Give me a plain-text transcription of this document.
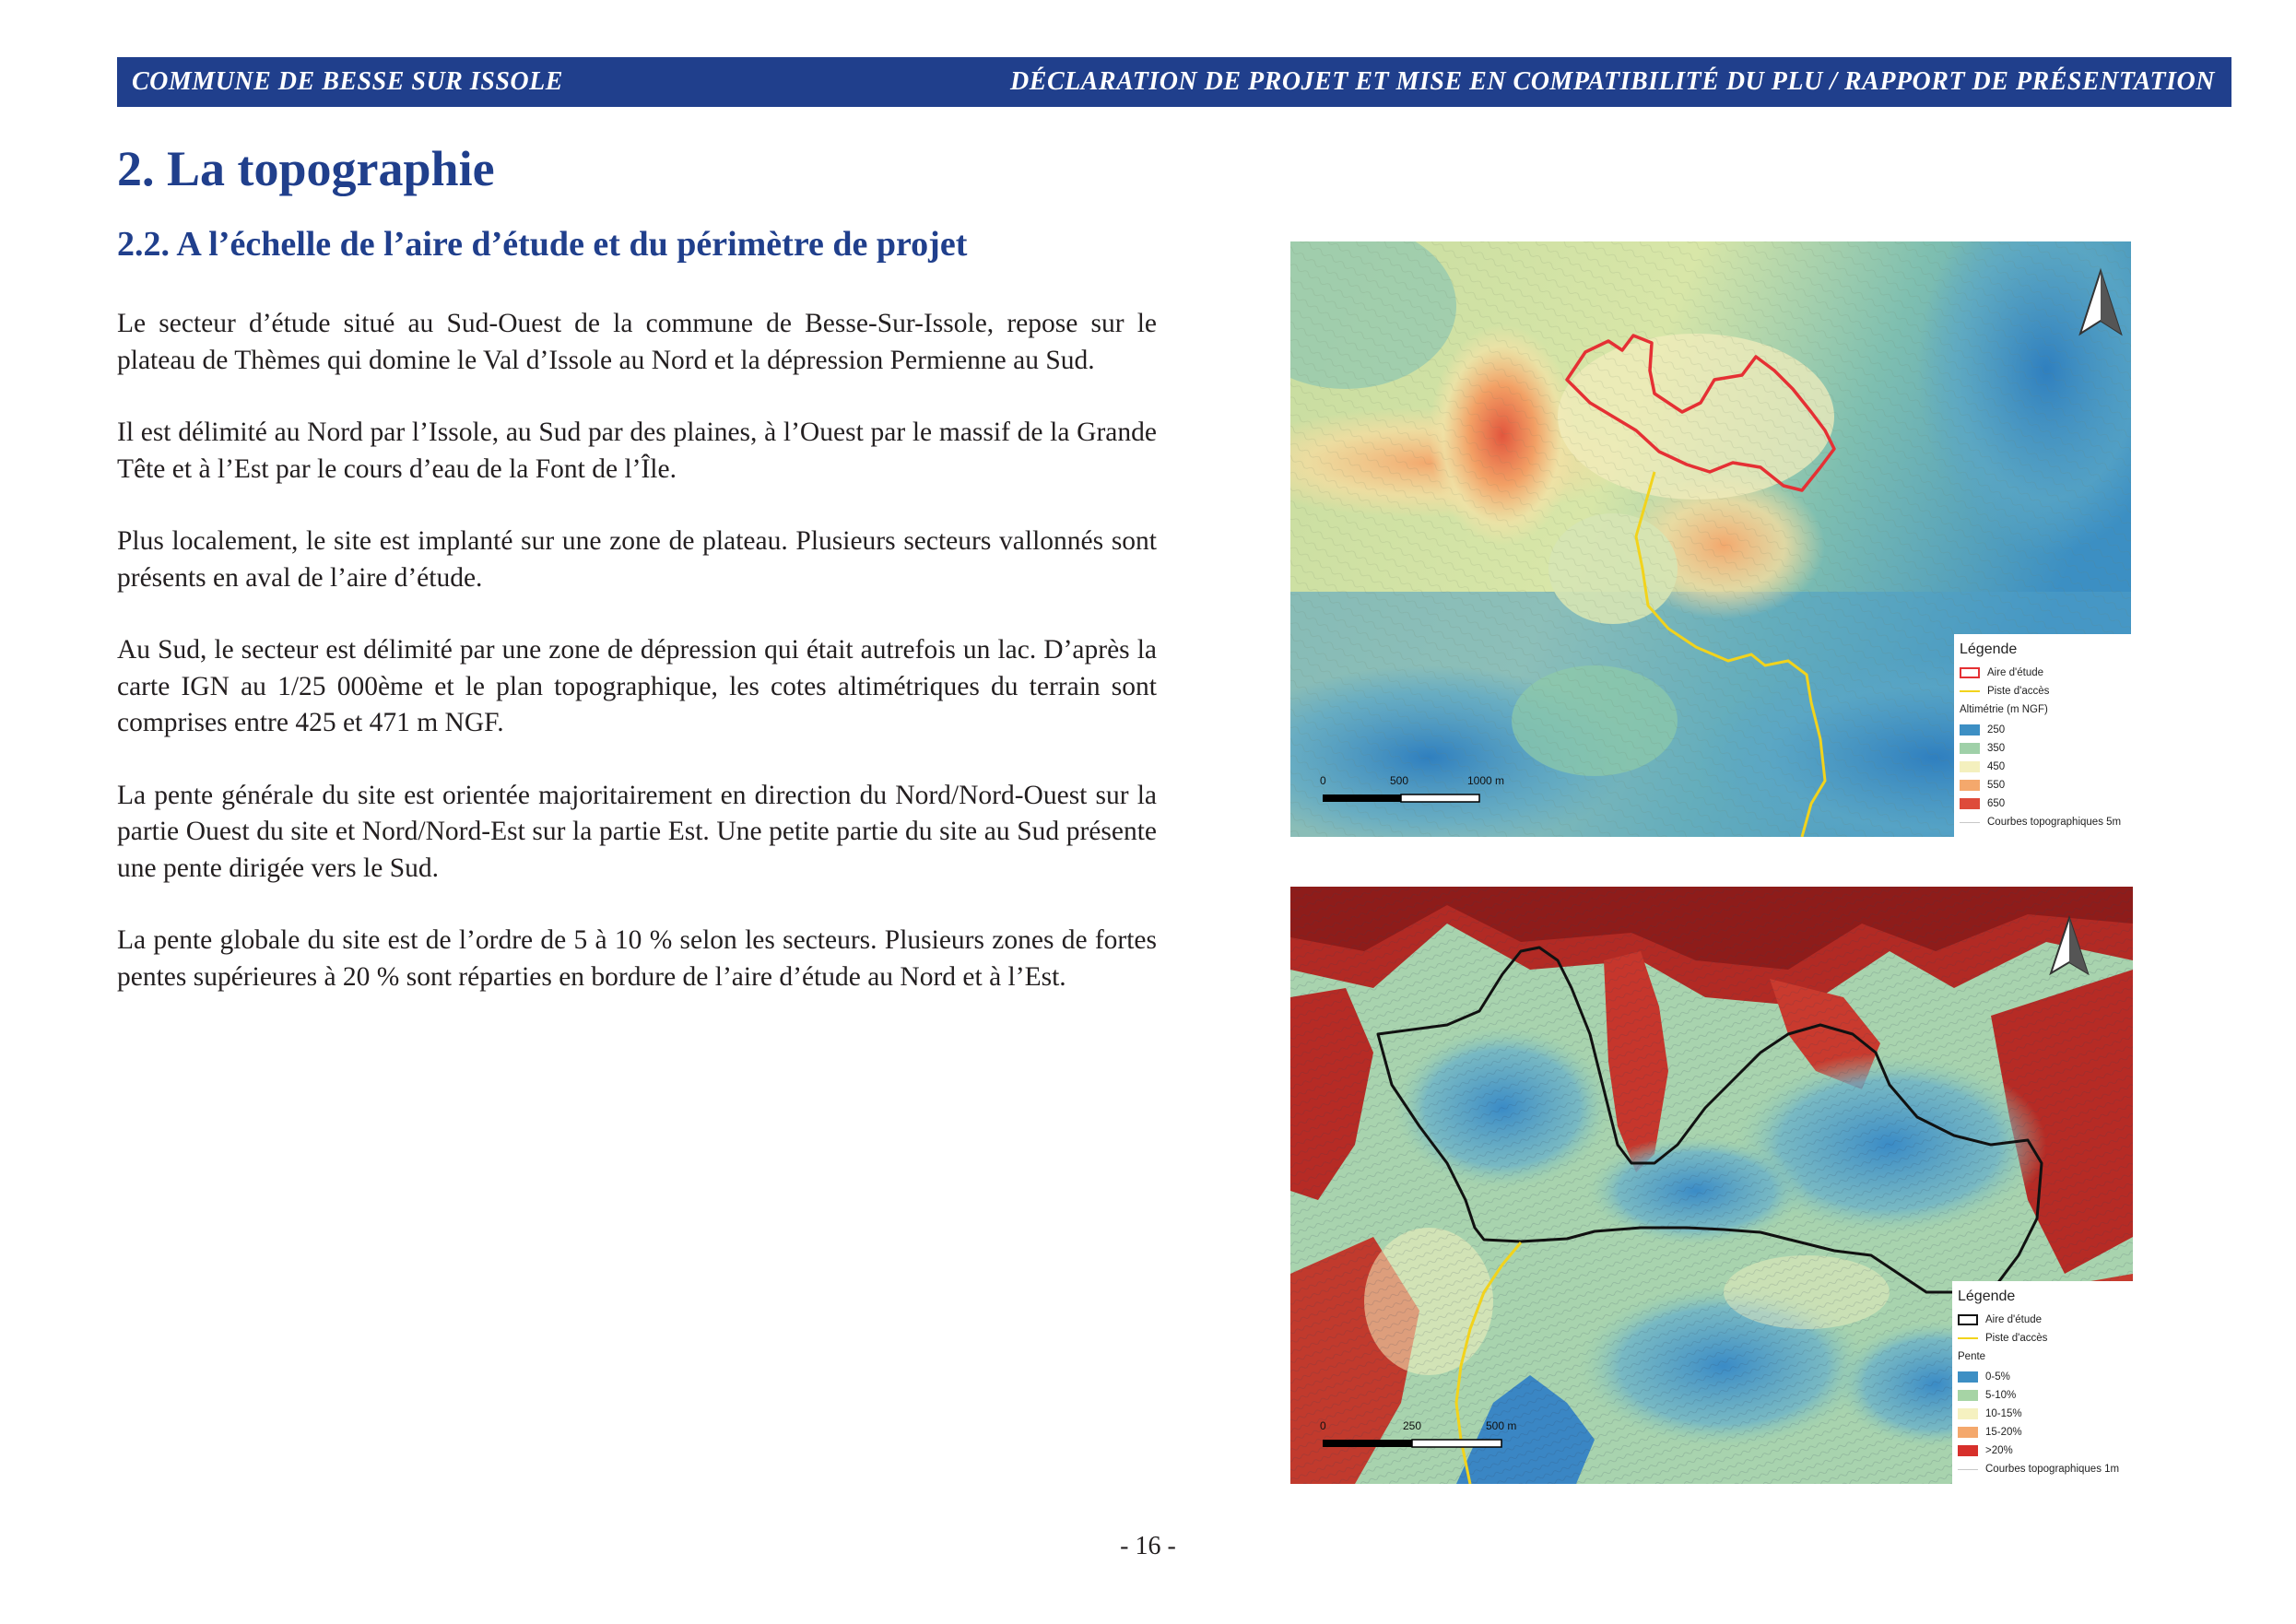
COMMUNE DE BESSE SUR ISSOLE	DÉCLARATION DE PROJET ET MISE EN COMPATIBILITÉ DU PLU / RAPPORT DE PRÉSENTATION
2. La topographie
2.2. A l’échelle de l’aire d’étude et du périmètre de projet

Le secteur d’étude situé au Sud-Ouest de la commune de Besse-Sur-Issole, repose sur le plateau de Thèmes qui domine le Val d’Issole au Nord et la dépression Permienne au Sud.

Il est délimité au Nord par l’Issole, au Sud par des plaines, à l’Ouest par le massif de la Grande Tête et à l’Est par le cours d’eau de la Font de l’Île.

Plus localement, le site est implanté sur une zone de plateau. Plusieurs secteurs vallonnés sont présents en aval de l’aire d’étude.

Au Sud, le secteur est délimité par une zone de dépression qui était autrefois un lac. D’après la carte IGN au 1/25 000ème et le plan topographique, les cotes altimétriques du terrain sont comprises entre 425 et 471 m NGF.

La pente générale du site est orientée majoritairement en direction du Nord/Nord-Ouest sur la partie Ouest du site et Nord/Nord-Est sur la partie Est. Une petite partie du site au Sud présente une pente dirigée vers le Sud.

La pente globale du site est de l’ordre de 5 à 10 % selon les secteurs. Plusieurs zones de fortes pentes supérieures à 20 % sont réparties en bordure de l’aire d’étude au Nord et à l’Est.

0	500	1000 m
Légende
Aire d'étude
Piste d'accès
Altimétrie (m NGF)
250
350
450
550
650
Courbes topographiques 5m
0	250	500 m
Légende
Aire d'étude
Piste d'accès
Pente
0-5%
5-10%
10-15%
15-20%
>20%
Courbes topographiques 1m
- 16 -
